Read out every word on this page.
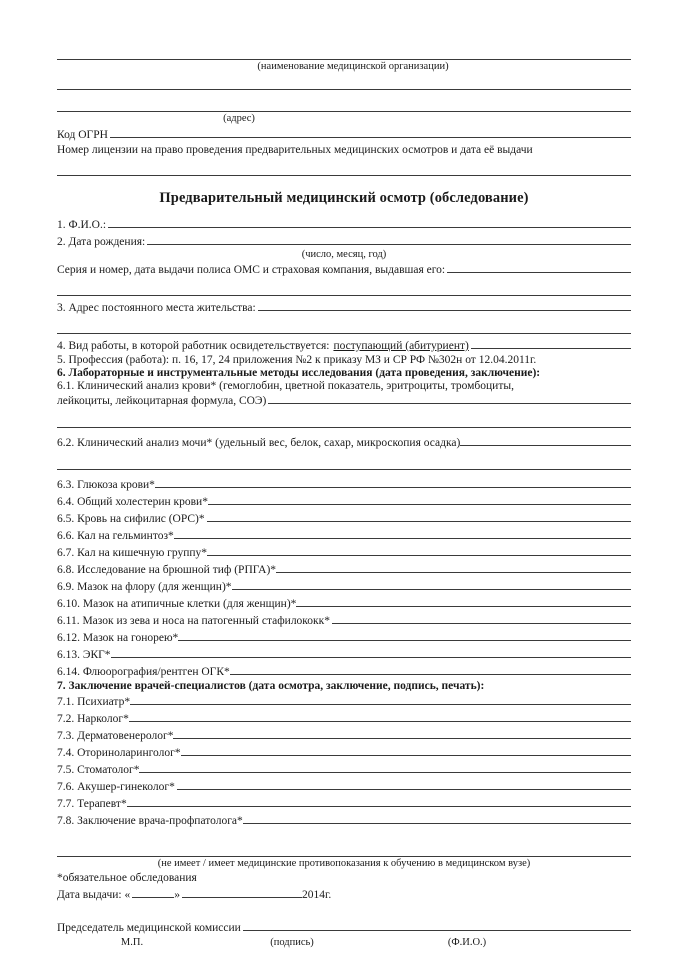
(наименование медицинской организации)
(адрес)
Код ОГРН
Номер лицензии на право проведения предварительных медицинских осмотров и дата её выдачи
Предварительный медицинский осмотр (обследование)
1. Ф.И.О.:
2. Дата рождения:
(число, месяц, год)
Серия и номер, дата выдачи полиса ОМС и страховая компания, выдавшая его:
3. Адрес постоянного места жительства:
4. Вид работы, в которой работник освидетельствуется: поступающий (абитуриент)
5. Профессия (работа): п. 16, 17, 24 приложения №2 к приказу МЗ и СР РФ №302н от 12.04.2011г.
6. Лабораторные и инструментальные методы исследования (дата проведения, заключение):
6.1. Клинический анализ крови* (гемоглобин, цветной показатель, эритроциты, тромбоциты,
лейкоциты, лейкоцитарная формула, СОЭ)
6.2. Клинический анализ мочи* (удельный вес, белок, сахар, микроскопия осадка)
6.3. Глюкоза крови*
6.4. Общий холестерин крови*
6.5. Кровь на сифилис (ОРС)*
6.6. Кал на гельминтоз*
6.7. Кал на кишечную группу*
6.8. Исследование на брюшной тиф (РПГА)*
6.9. Мазок на флору (для женщин)*
6.10. Мазок на атипичные клетки (для женщин)*
6.11. Мазок из зева и носа на патогенный стафилококк*
6.12. Мазок на гонорею*
6.13. ЭКГ*
6.14. Флюорография/рентген ОГК*
7. Заключение врачей-специалистов (дата осмотра, заключение, подпись, печать):
7.1. Психиатр*
7.2. Нарколог*
7.3. Дерматовенеролог*
7.4. Оториноларинголог*
7.5. Стоматолог*
7.6. Акушер-гинеколог*
7.7. Терапевт*
7.8. Заключение врача-профпатолога*
(не имеет / имеет медицинские противопоказания к обучению в медицинском вузе)
*обязательное обследования
Дата выдачи: «	»	2014г.
Председатель медицинской комиссии
М.П.	(подпись)	(Ф.И.О.)
